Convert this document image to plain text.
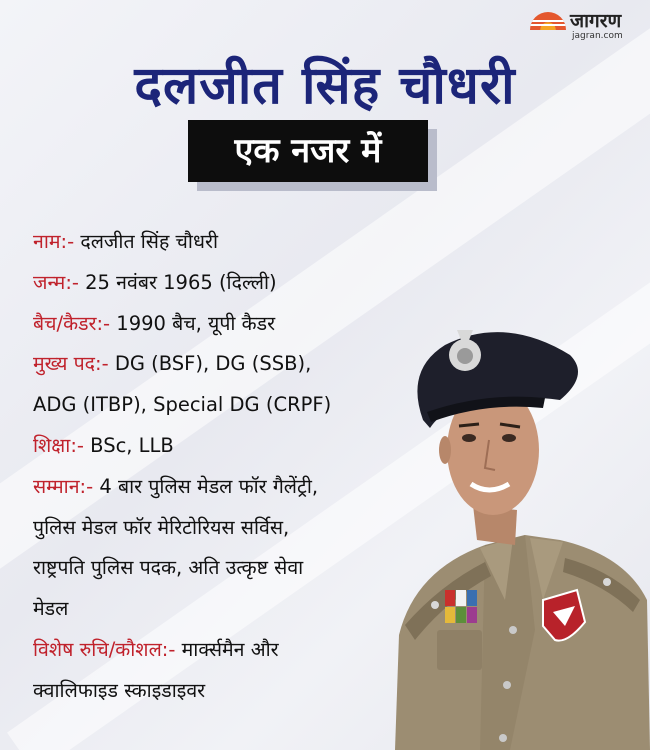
जागरण
jagran.com
दलजीत सिंह चौधरी
एक नजर में
नाम:- दलजीत सिंह चौधरी
जन्म:- 25 नवंबर 1965 (दिल्ली)
बैच/कैडर:- 1990 बैच, यूपी कैडर
मुख्य पद:- DG (BSF), DG (SSB),
ADG (ITBP), Special DG (CRPF)
शिक्षा:- BSc, LLB
सम्मान:- 4 बार पुलिस मेडल फॉर गैलेंट्री,
पुलिस मेडल फॉर मेरिटोरियस सर्विस,
राष्ट्रपति पुलिस पदक, अति उत्कृष्ट सेवा
मेडल
विशेष रुचि/कौशल:- मार्क्समैन और
क्वालिफाइड स्काइडाइवर
